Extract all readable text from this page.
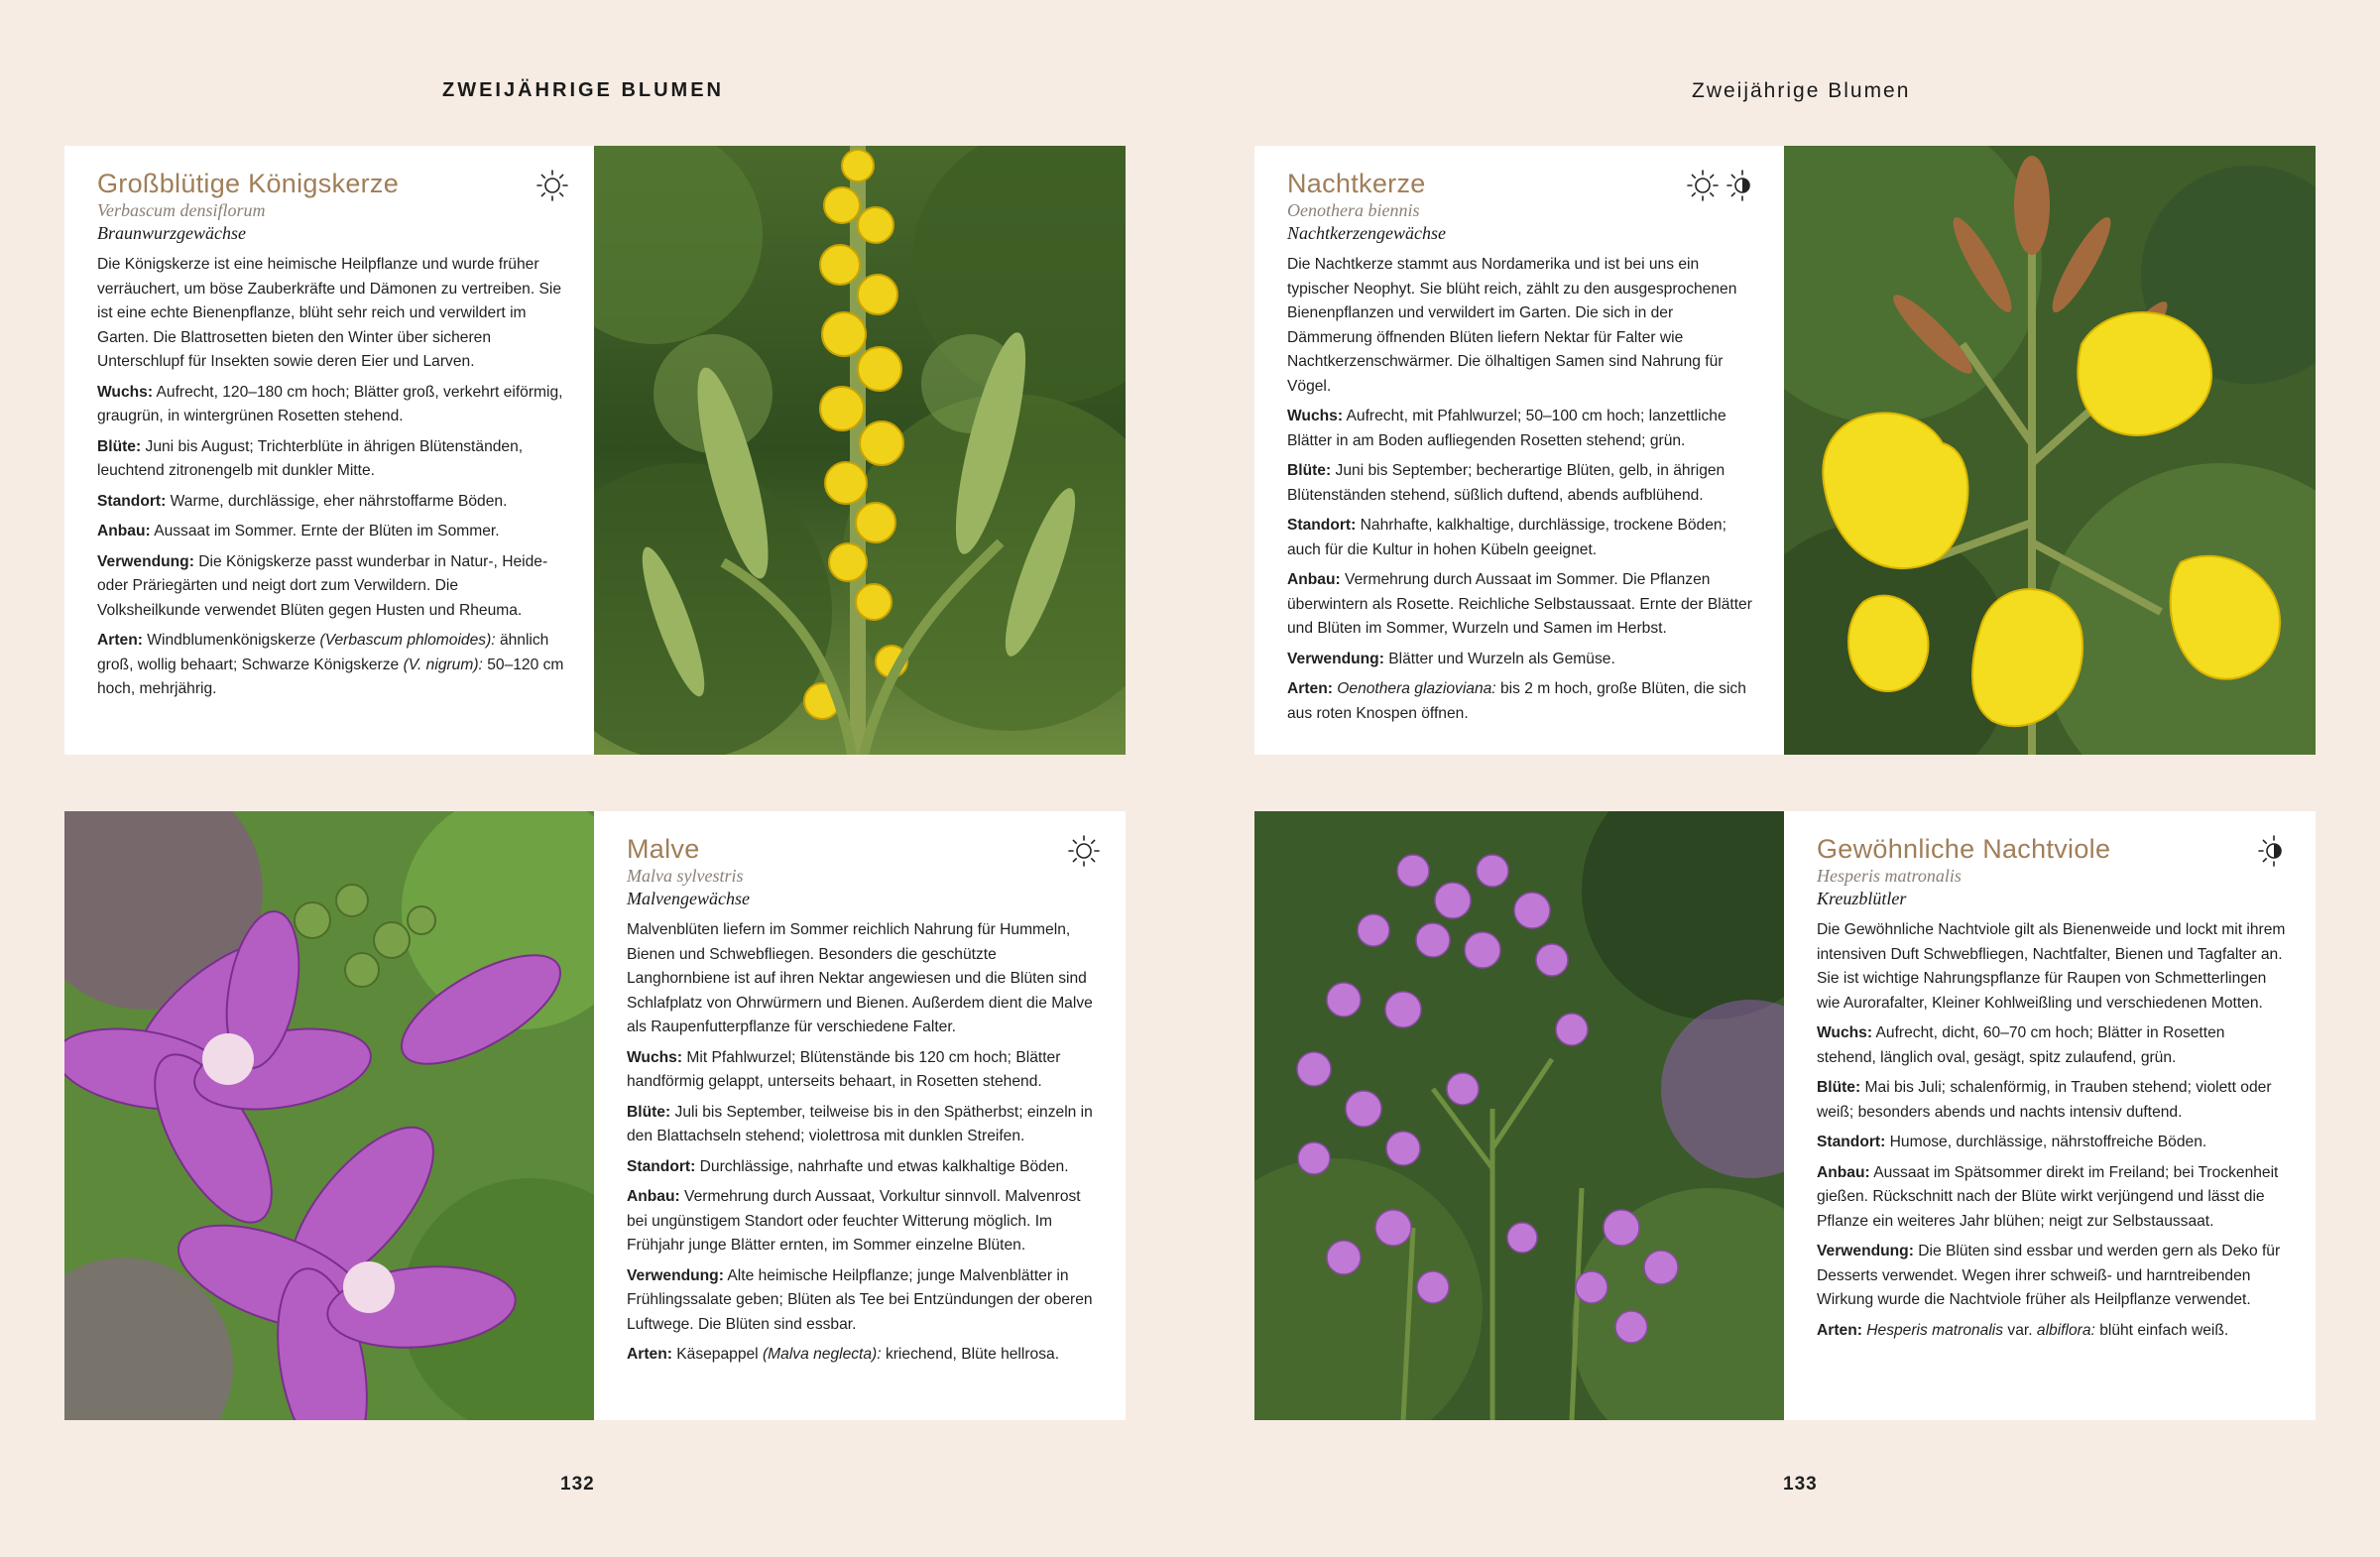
ZWEIJÄHRIGE BLUMEN	Zweijährige Blumen
Großblütige Königskerze
Verbascum densiflorum
Braunwurzgewächse

Die Königskerze ist eine heimische Heilpflanze und wurde früher verräuchert, um böse Zauberkräfte und Dämonen zu vertreiben. Sie ist eine echte Bienenpflanze, blüht sehr reich und verwildert im Garten. Die Blattrosetten bieten den Winter über sicheren Unterschlupf für Insekten sowie deren Eier und Larven.

Wuchs: Aufrecht, 120–180 cm hoch; Blätter groß, verkehrt eiförmig, graugrün, in wintergrünen Rosetten stehend.

Blüte: Juni bis August; Trichterblüte in ährigen Blütenständen, leuchtend zitronengelb mit dunkler Mitte.

Standort: Warme, durchlässige, eher nährstoffarme Böden.

Anbau: Aussaat im Sommer. Ernte der Blüten im Sommer.

Verwendung: Die Königskerze passt wunderbar in Natur-, Heide- oder Präriegärten und neigt dort zum Verwildern. Die Volksheilkunde verwendet Blüten gegen Husten und Rheuma.

Arten: Windblumenkönigskerze (Verbascum phlomoides): ähnlich groß, wollig behaart; Schwarze Königskerze (V. nigrum): 50–120 cm hoch, mehrjährig.

Nachtkerze
Oenothera biennis
Nachtkerzengewächse

Die Nachtkerze stammt aus Nordamerika und ist bei uns ein typischer Neophyt. Sie blüht reich, zählt zu den ausgesprochenen Bienenpflanzen und verwildert im Garten. Die sich in der Dämmerung öffnenden Blüten liefern Nektar für Falter wie Nachtkerzenschwärmer. Die ölhaltigen Samen sind Nahrung für Vögel.

Wuchs: Aufrecht, mit Pfahlwurzel; 50–100 cm hoch; lanzettliche Blätter in am Boden aufliegenden Rosetten stehend; grün.

Blüte: Juni bis September; becherartige Blüten, gelb, in ährigen Blütenständen stehend, süßlich duftend, abends aufblühend.

Standort: Nahrhafte, kalkhaltige, durchlässige, trockene Böden; auch für die Kultur in hohen Kübeln geeignet.

Anbau: Vermehrung durch Aussaat im Sommer. Die Pflanzen überwintern als Rosette. Reichliche Selbstaussaat. Ernte der Blätter und Blüten im Sommer, Wurzeln und Samen im Herbst.

Verwendung: Blätter und Wurzeln als Gemüse.

Arten: Oenothera glazioviana: bis 2 m hoch, große Blüten, die sich aus roten Knospen öffnen.

Malve
Malva sylvestris
Malvengewächse

Malvenblüten liefern im Sommer reichlich Nahrung für Hummeln, Bienen und Schwebfliegen. Besonders die geschützte Langhornbiene ist auf ihren Nektar angewiesen und die Blüten sind Schlafplatz von Ohrwürmern und Bienen. Außerdem dient die Malve als Raupenfutterpflanze für verschiedene Falter.

Wuchs: Mit Pfahlwurzel; Blütenstände bis 120 cm hoch; Blätter handförmig gelappt, unterseits behaart, in Rosetten stehend.

Blüte: Juli bis September, teilweise bis in den Spätherbst; einzeln in den Blattachseln stehend; violettrosa mit dunklen Streifen.

Standort: Durchlässige, nahrhafte und etwas kalkhaltige Böden.

Anbau: Vermehrung durch Aussaat, Vorkultur sinnvoll. Malvenrost bei ungünstigem Standort oder feuchter Witterung möglich. Im Frühjahr junge Blätter ernten, im Sommer einzelne Blüten.

Verwendung: Alte heimische Heilpflanze; junge Malvenblätter in Frühlingssalate geben; Blüten als Tee bei Entzündungen der oberen Luftwege. Die Blüten sind essbar.

Arten: Käsepappel (Malva neglecta): kriechend, Blüte hellrosa.

Gewöhnliche Nachtviole
Hesperis matronalis
Kreuzblütler

Die Gewöhnliche Nachtviole gilt als Bienenweide und lockt mit ihrem intensiven Duft Schwebfliegen, Nachtfalter, Bienen und Tagfalter an. Sie ist wichtige Nahrungspflanze für Raupen von Schmetterlingen wie Aurorafalter, Kleiner Kohlweißling und verschiedenen Motten.

Wuchs: Aufrecht, dicht, 60–70 cm hoch; Blätter in Rosetten stehend, länglich oval, gesägt, spitz zulaufend, grün.

Blüte: Mai bis Juli; schalenförmig, in Trauben stehend; violett oder weiß; besonders abends und nachts intensiv duftend.

Standort: Humose, durchlässige, nährstoffreiche Böden.

Anbau: Aussaat im Spätsommer direkt im Freiland; bei Trockenheit gießen. Rückschnitt nach der Blüte wirkt verjüngend und lässt die Pflanze ein weiteres Jahr blühen; neigt zur Selbstaussaat.

Verwendung: Die Blüten sind essbar und werden gern als Deko für Desserts verwendet. Wegen ihrer schweiß- und harntreibenden Wirkung wurde die Nachtviole früher als Heilpflanze verwendet.

Arten: Hesperis matronalis var. albiflora: blüht einfach weiß.

132	133
